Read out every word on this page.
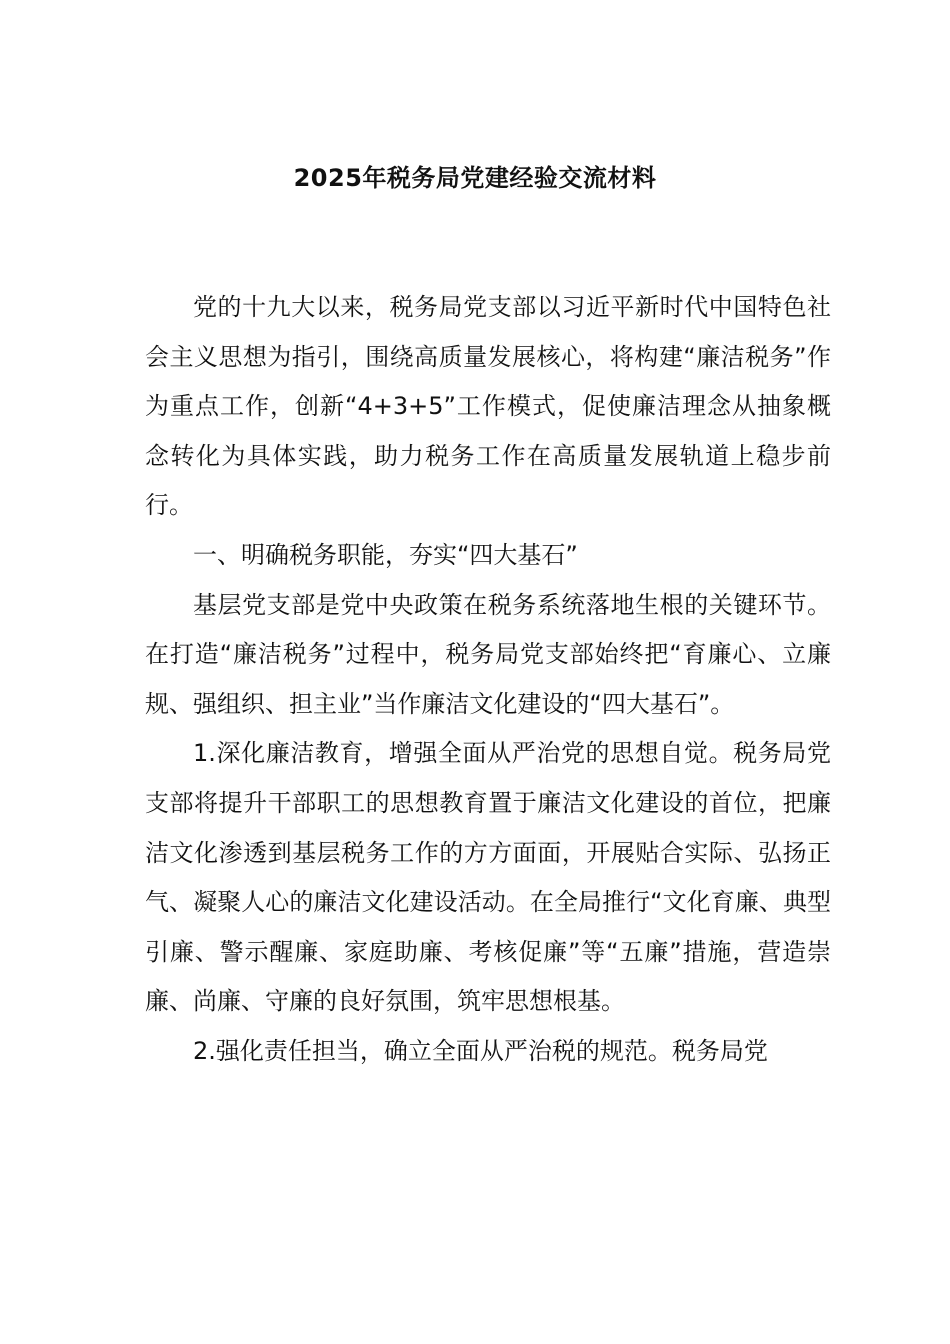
2025年税务局党建经验交流材料

党的十九大以来，税务局党支部以习近平新时代中国特色社会主义思想为指引，围绕高质量发展核心，将构建“廉洁税务”作为重点工作，创新“4+3+5”工作模式，促使廉洁理念从抽象概念转化为具体实践，助力税务工作在高质量发展轨道上稳步前行。

一、明确税务职能，夯实“四大基石”

基层党支部是党中央政策在税务系统落地生根的关键环节。在打造“廉洁税务”过程中，税务局党支部始终把“育廉心、立廉规、强组织、担主业”当作廉洁文化建设的“四大基石”。

1.深化廉洁教育，增强全面从严治党的思想自觉。税务局党支部将提升干部职工的思想教育置于廉洁文化建设的首位，把廉洁文化渗透到基层税务工作的方方面面，开展贴合实际、弘扬正气、凝聚人心的廉洁文化建设活动。在全局推行“文化育廉、典型引廉、警示醒廉、家庭助廉、考核促廉”等“五廉”措施，营造崇廉、尚廉、守廉的良好氛围，筑牢思想根基。

2.强化责任担当，确立全面从严治税的规范。税务局党
